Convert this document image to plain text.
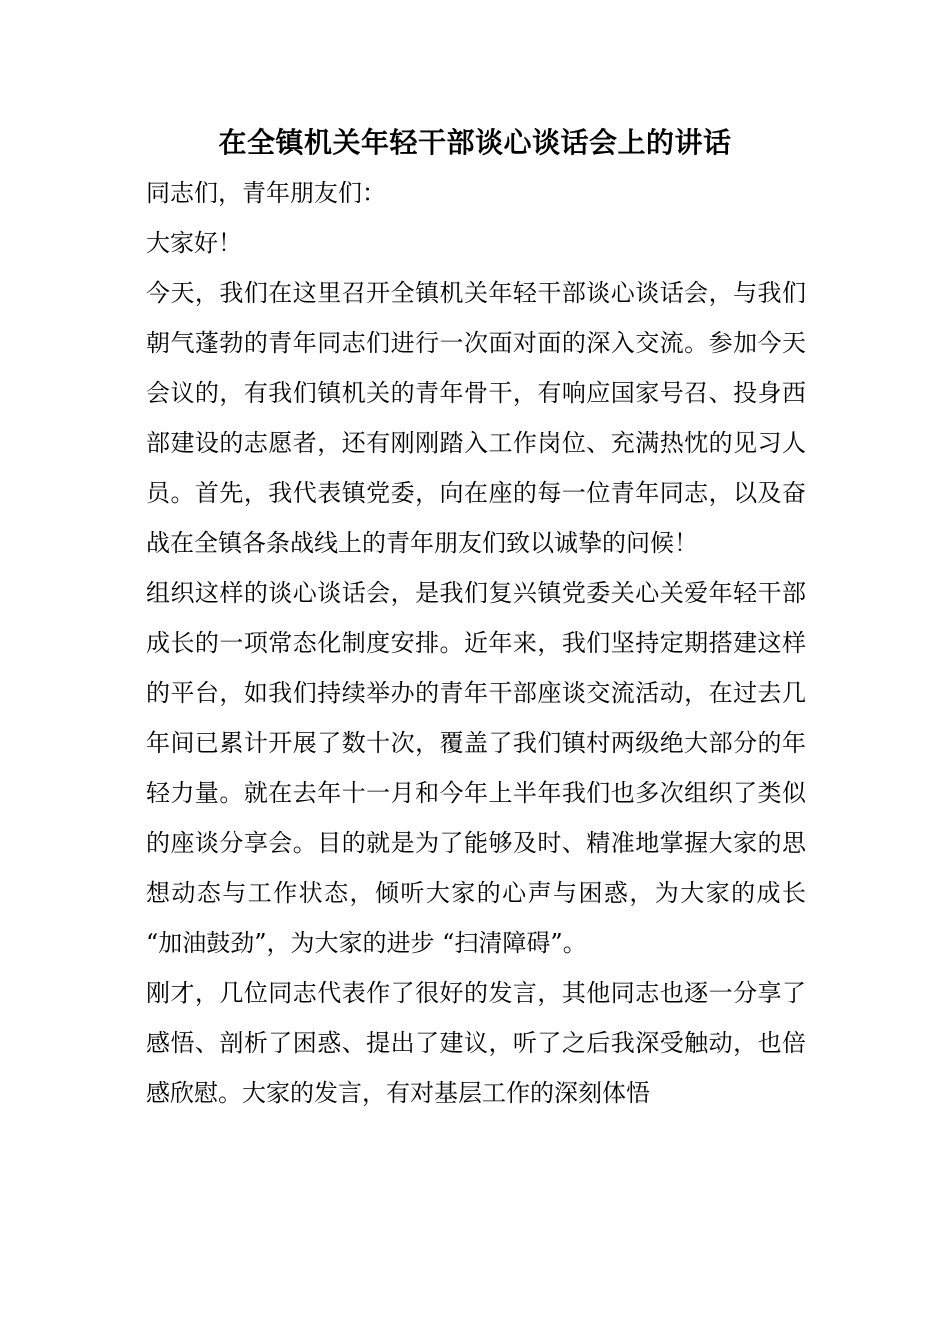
在全镇机关年轻干部谈心谈话会上的讲话

同志们，青年朋友们：

大家好！

今天，我们在这里召开全镇机关年轻干部谈心谈话会，与我们朝气蓬勃的青年同志们进行一次面对面的深入交流。参加今天会议的，有我们镇机关的青年骨干，有响应国家号召、投身西部建设的志愿者，还有刚刚踏入工作岗位、充满热忱的见习人员。首先，我代表镇党委，向在座的每一位青年同志，以及奋战在全镇各条战线上的青年朋友们致以诚挚的问候！

组织这样的谈心谈话会，是我们复兴镇党委关心关爱年轻干部成长的一项常态化制度安排。近年来，我们坚持定期搭建这样的平台，如我们持续举办的青年干部座谈交流活动，在过去几年间已累计开展了数十次，覆盖了我们镇村两级绝大部分的年轻力量。就在去年十一月和今年上半年我们也多次组织了类似的座谈分享会。目的就是为了能够及时、精准地掌握大家的思想动态与工作状态，倾听大家的心声与困惑，为大家的成长 “加油鼓劲”，为大家的进步 “扫清障碍”。

刚才，几位同志代表作了很好的发言，其他同志也逐一分享了感悟、剖析了困惑、提出了建议，听了之后我深受触动，也倍感欣慰。大家的发言，有对基层工作的深刻体悟
